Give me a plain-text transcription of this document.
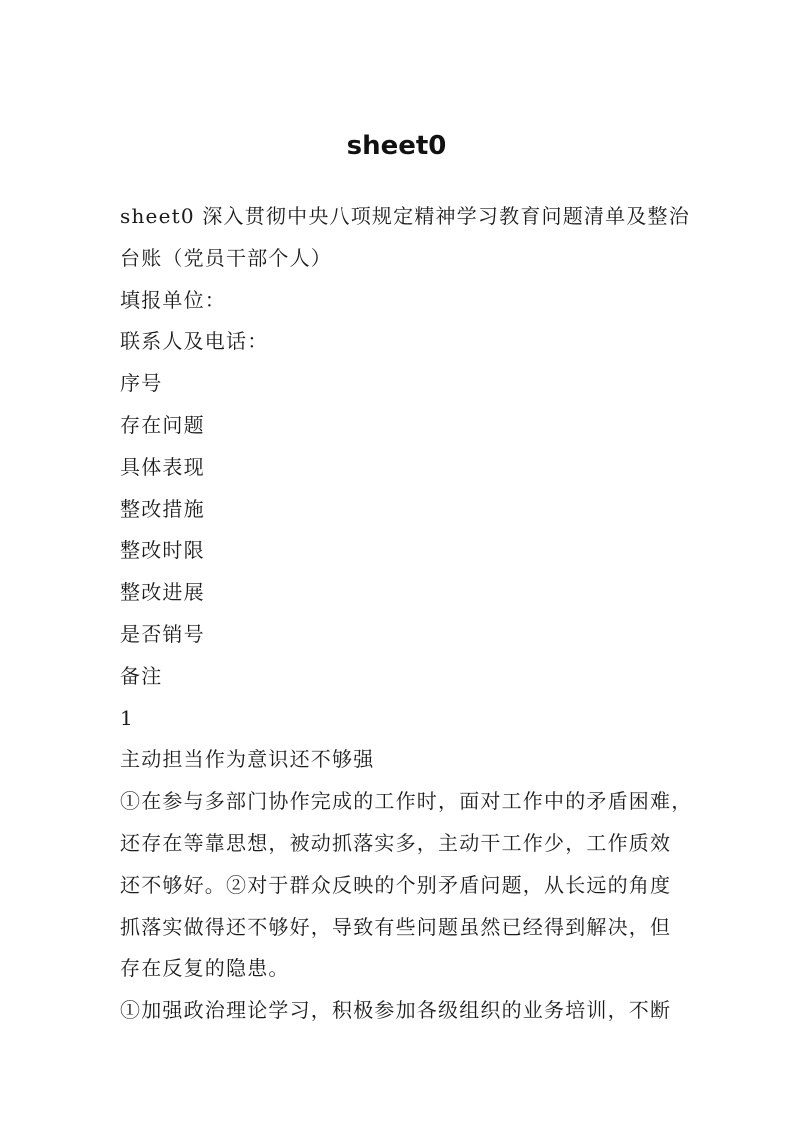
sheet0
sheet0 深入贯彻中央八项规定精神学习教育问题清单及整治
台账（党员干部个人）
填报单位：
联系人及电话：
序号
存在问题
具体表现
整改措施
整改时限
整改进展
是否销号
备注
1
主动担当作为意识还不够强
①在参与多部门协作完成的工作时，面对工作中的矛盾困难，
还存在等靠思想，被动抓落实多，主动干工作少，工作质效
还不够好。②对于群众反映的个别矛盾问题，从长远的角度
抓落实做得还不够好，导致有些问题虽然已经得到解决，但
存在反复的隐患。
①加强政治理论学习，积极参加各级组织的业务培训，不断
